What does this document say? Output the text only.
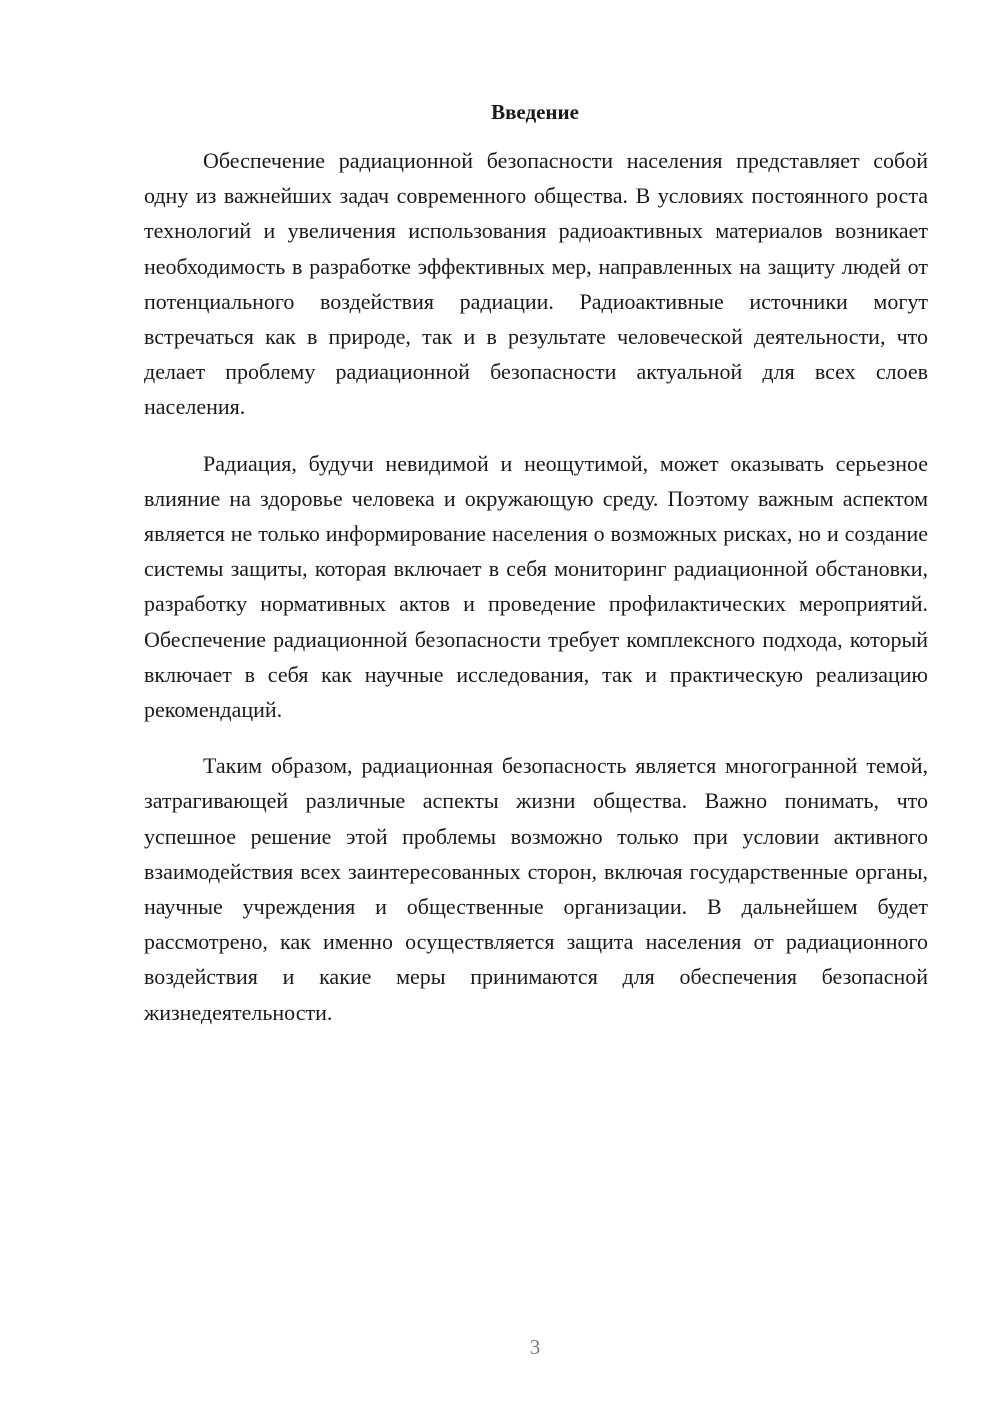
Введение

Обеспечение радиационной безопасности населения представляет собой одну из важнейших задач современного общества. В условиях постоянного роста технологий и увеличения использования радиоактивных материалов возникает необходимость в разработке эффективных мер, направленных на защиту людей от потенциального воздействия радиации. Радиоактивные источники могут встречаться как в природе, так и в результате человеческой деятельности, что делает проблему радиационной безопасности актуальной для всех слоев населения.

Радиация, будучи невидимой и неощутимой, может оказывать серьезное влияние на здоровье человека и окружающую среду. Поэтому важным аспектом является не только информирование населения о возможных рисках, но и создание системы защиты, которая включает в себя мониторинг радиационной обстановки, разработку нормативных актов и проведение профилактических мероприятий. Обеспечение радиационной безопасности требует комплексного подхода, который включает в себя как научные исследования, так и практическую реализацию рекомендаций.

Таким образом, радиационная безопасность является многогранной темой, затрагивающей различные аспекты жизни общества. Важно понимать, что успешное решение этой проблемы возможно только при условии активного взаимодействия всех заинтересованных сторон, включая государственные органы, научные учреждения и общественные организации. В дальнейшем будет рассмотрено, как именно осуществляется защита населения от радиационного воздействия и какие меры принимаются для обеспечения безопасной жизнедеятельности.

3
